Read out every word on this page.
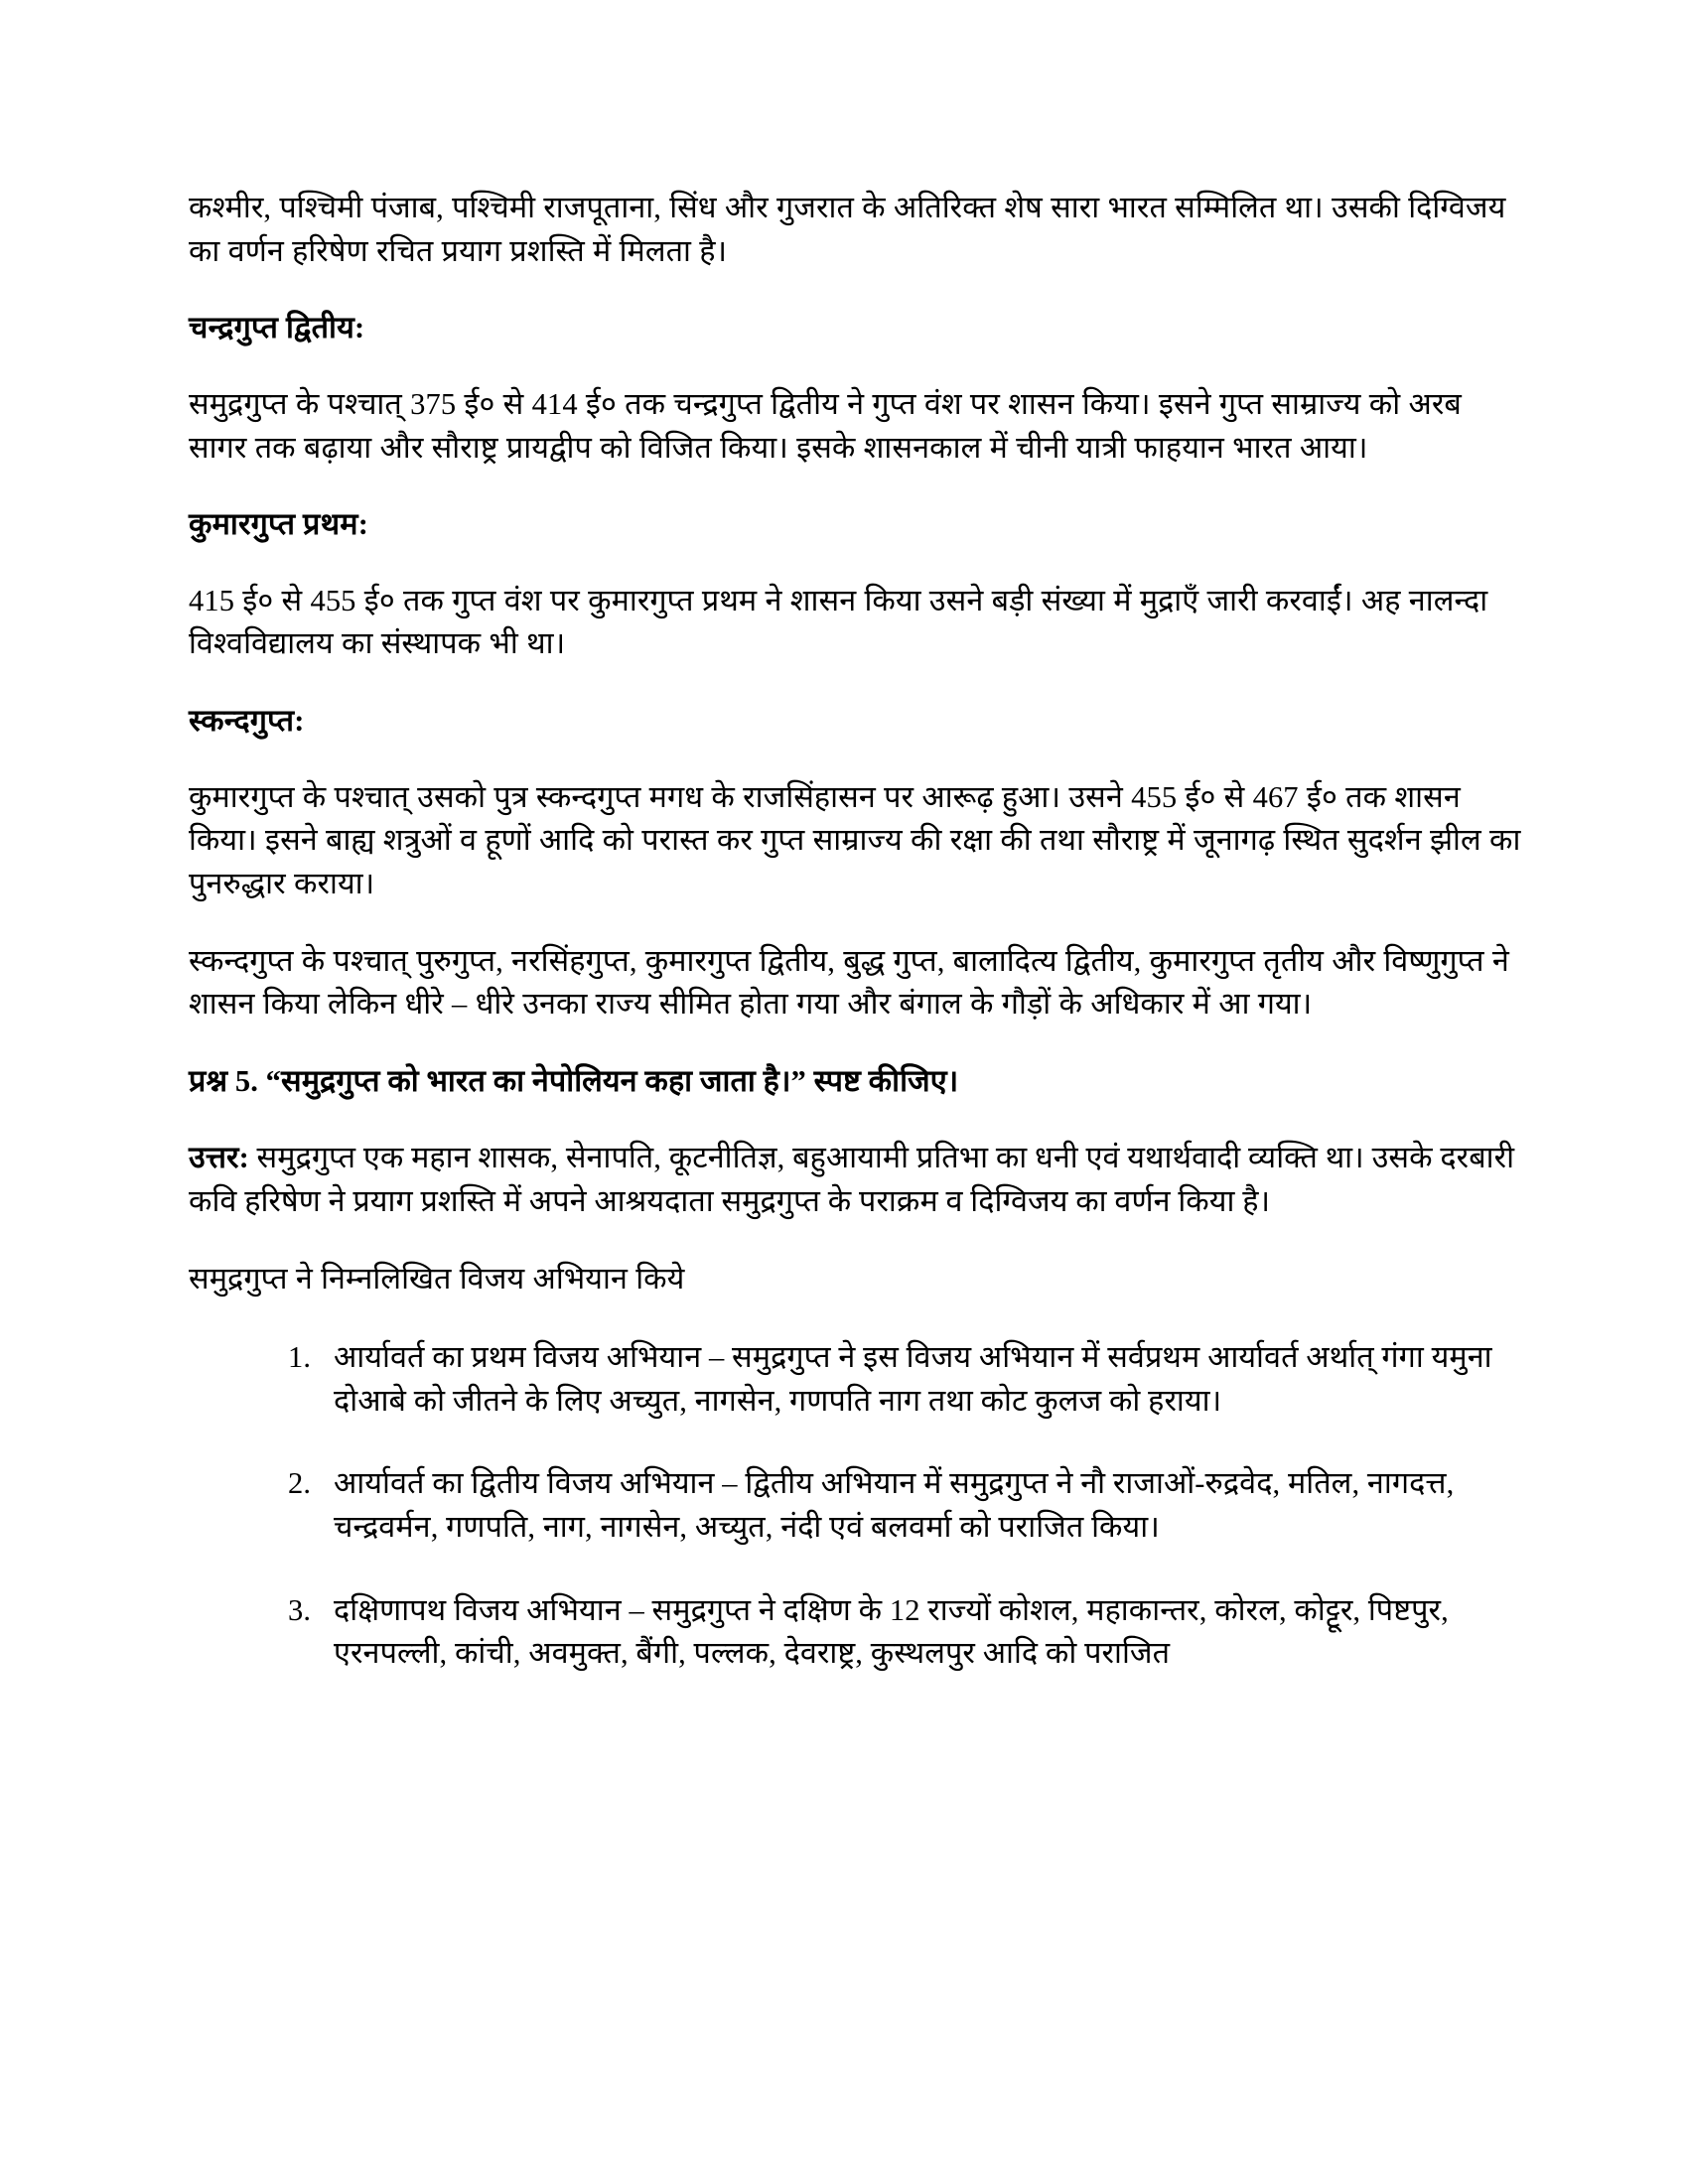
कश्मीर, पश्चिमी पंजाब, पश्चिमी राजपूताना, सिंध और गुजरात के अतिरिक्त शेष सारा भारत सम्मिलित था। उसकी दिग्विजय का वर्णन हरिषेण रचित प्रयाग प्रशस्ति में मिलता है।

चन्द्रगुप्त द्वितीय:

समुद्रगुप्त के पश्चात् 375 ई० से 414 ई० तक चन्द्रगुप्त द्वितीय ने गुप्त वंश पर शासन किया। इसने गुप्त साम्राज्य को अरब सागर तक बढ़ाया और सौराष्ट्र प्रायद्वीप को विजित किया। इसके शासनकाल में चीनी यात्री फाहयान भारत आया।

कुमारगुप्त प्रथम:

415 ई० से 455 ई० तक गुप्त वंश पर कुमारगुप्त प्रथम ने शासन किया उसने बड़ी संख्या में मुद्राएँ जारी करवाईं। अह नालन्दा विश्वविद्यालय का संस्थापक भी था।

स्कन्दगुप्त:

कुमारगुप्त के पश्चात् उसको पुत्र स्कन्दगुप्त मगध के राजसिंहासन पर आरूढ़ हुआ। उसने 455 ई० से 467 ई० तक शासन किया। इसने बाह्य शत्रुओं व हूणों आदि को परास्त कर गुप्त साम्राज्य की रक्षा की तथा सौराष्ट्र में जूनागढ़ स्थित सुदर्शन झील का पुनरुद्धार कराया।

स्कन्दगुप्त के पश्चात् पुरुगुप्त, नरसिंहगुप्त, कुमारगुप्त द्वितीय, बुद्ध गुप्त, बालादित्य द्वितीय, कुमारगुप्त तृतीय और विष्णुगुप्त ने शासन किया लेकिन धीरे – धीरे उनका राज्य सीमित होता गया और बंगाल के गौड़ों के अधिकार में आ गया।

प्रश्न 5. “समुद्रगुप्त को भारत का नेपोलियन कहा जाता है।” स्पष्ट कीजिए।

उत्तर: समुद्रगुप्त एक महान शासक, सेनापति, कूटनीतिज्ञ, बहुआयामी प्रतिभा का धनी एवं यथार्थवादी व्यक्ति था। उसके दरबारी कवि हरिषेण ने प्रयाग प्रशस्ति में अपने आश्रयदाता समुद्रगुप्त के पराक्रम व दिग्विजय का वर्णन किया है।

समुद्रगुप्त ने निम्नलिखित विजय अभियान किये

आर्यावर्त का प्रथम विजय अभियान – समुद्रगुप्त ने इस विजय अभियान में सर्वप्रथम आर्यावर्त अर्थात् गंगा यमुना दोआबे को जीतने के लिए अच्युत, नागसेन, गणपति नाग तथा कोट कुलज को हराया।
आर्यावर्त का द्वितीय विजय अभियान – द्वितीय अभियान में समुद्रगुप्त ने नौ राजाओं-रुद्रवेद, मतिल, नागदत्त, चन्द्रवर्मन, गणपति, नाग, नागसेन, अच्युत, नंदी एवं बलवर्मा को पराजित किया।
दक्षिणापथ विजय अभियान – समुद्रगुप्त ने दक्षिण के 12 राज्यों कोशल, महाकान्तर, कोरल, कोट्टूर, पिष्टपुर, एरनपल्ली, कांची, अवमुक्त, बैंगी, पल्लक, देवराष्ट्र, कुस्थलपुर आदि को पराजित
